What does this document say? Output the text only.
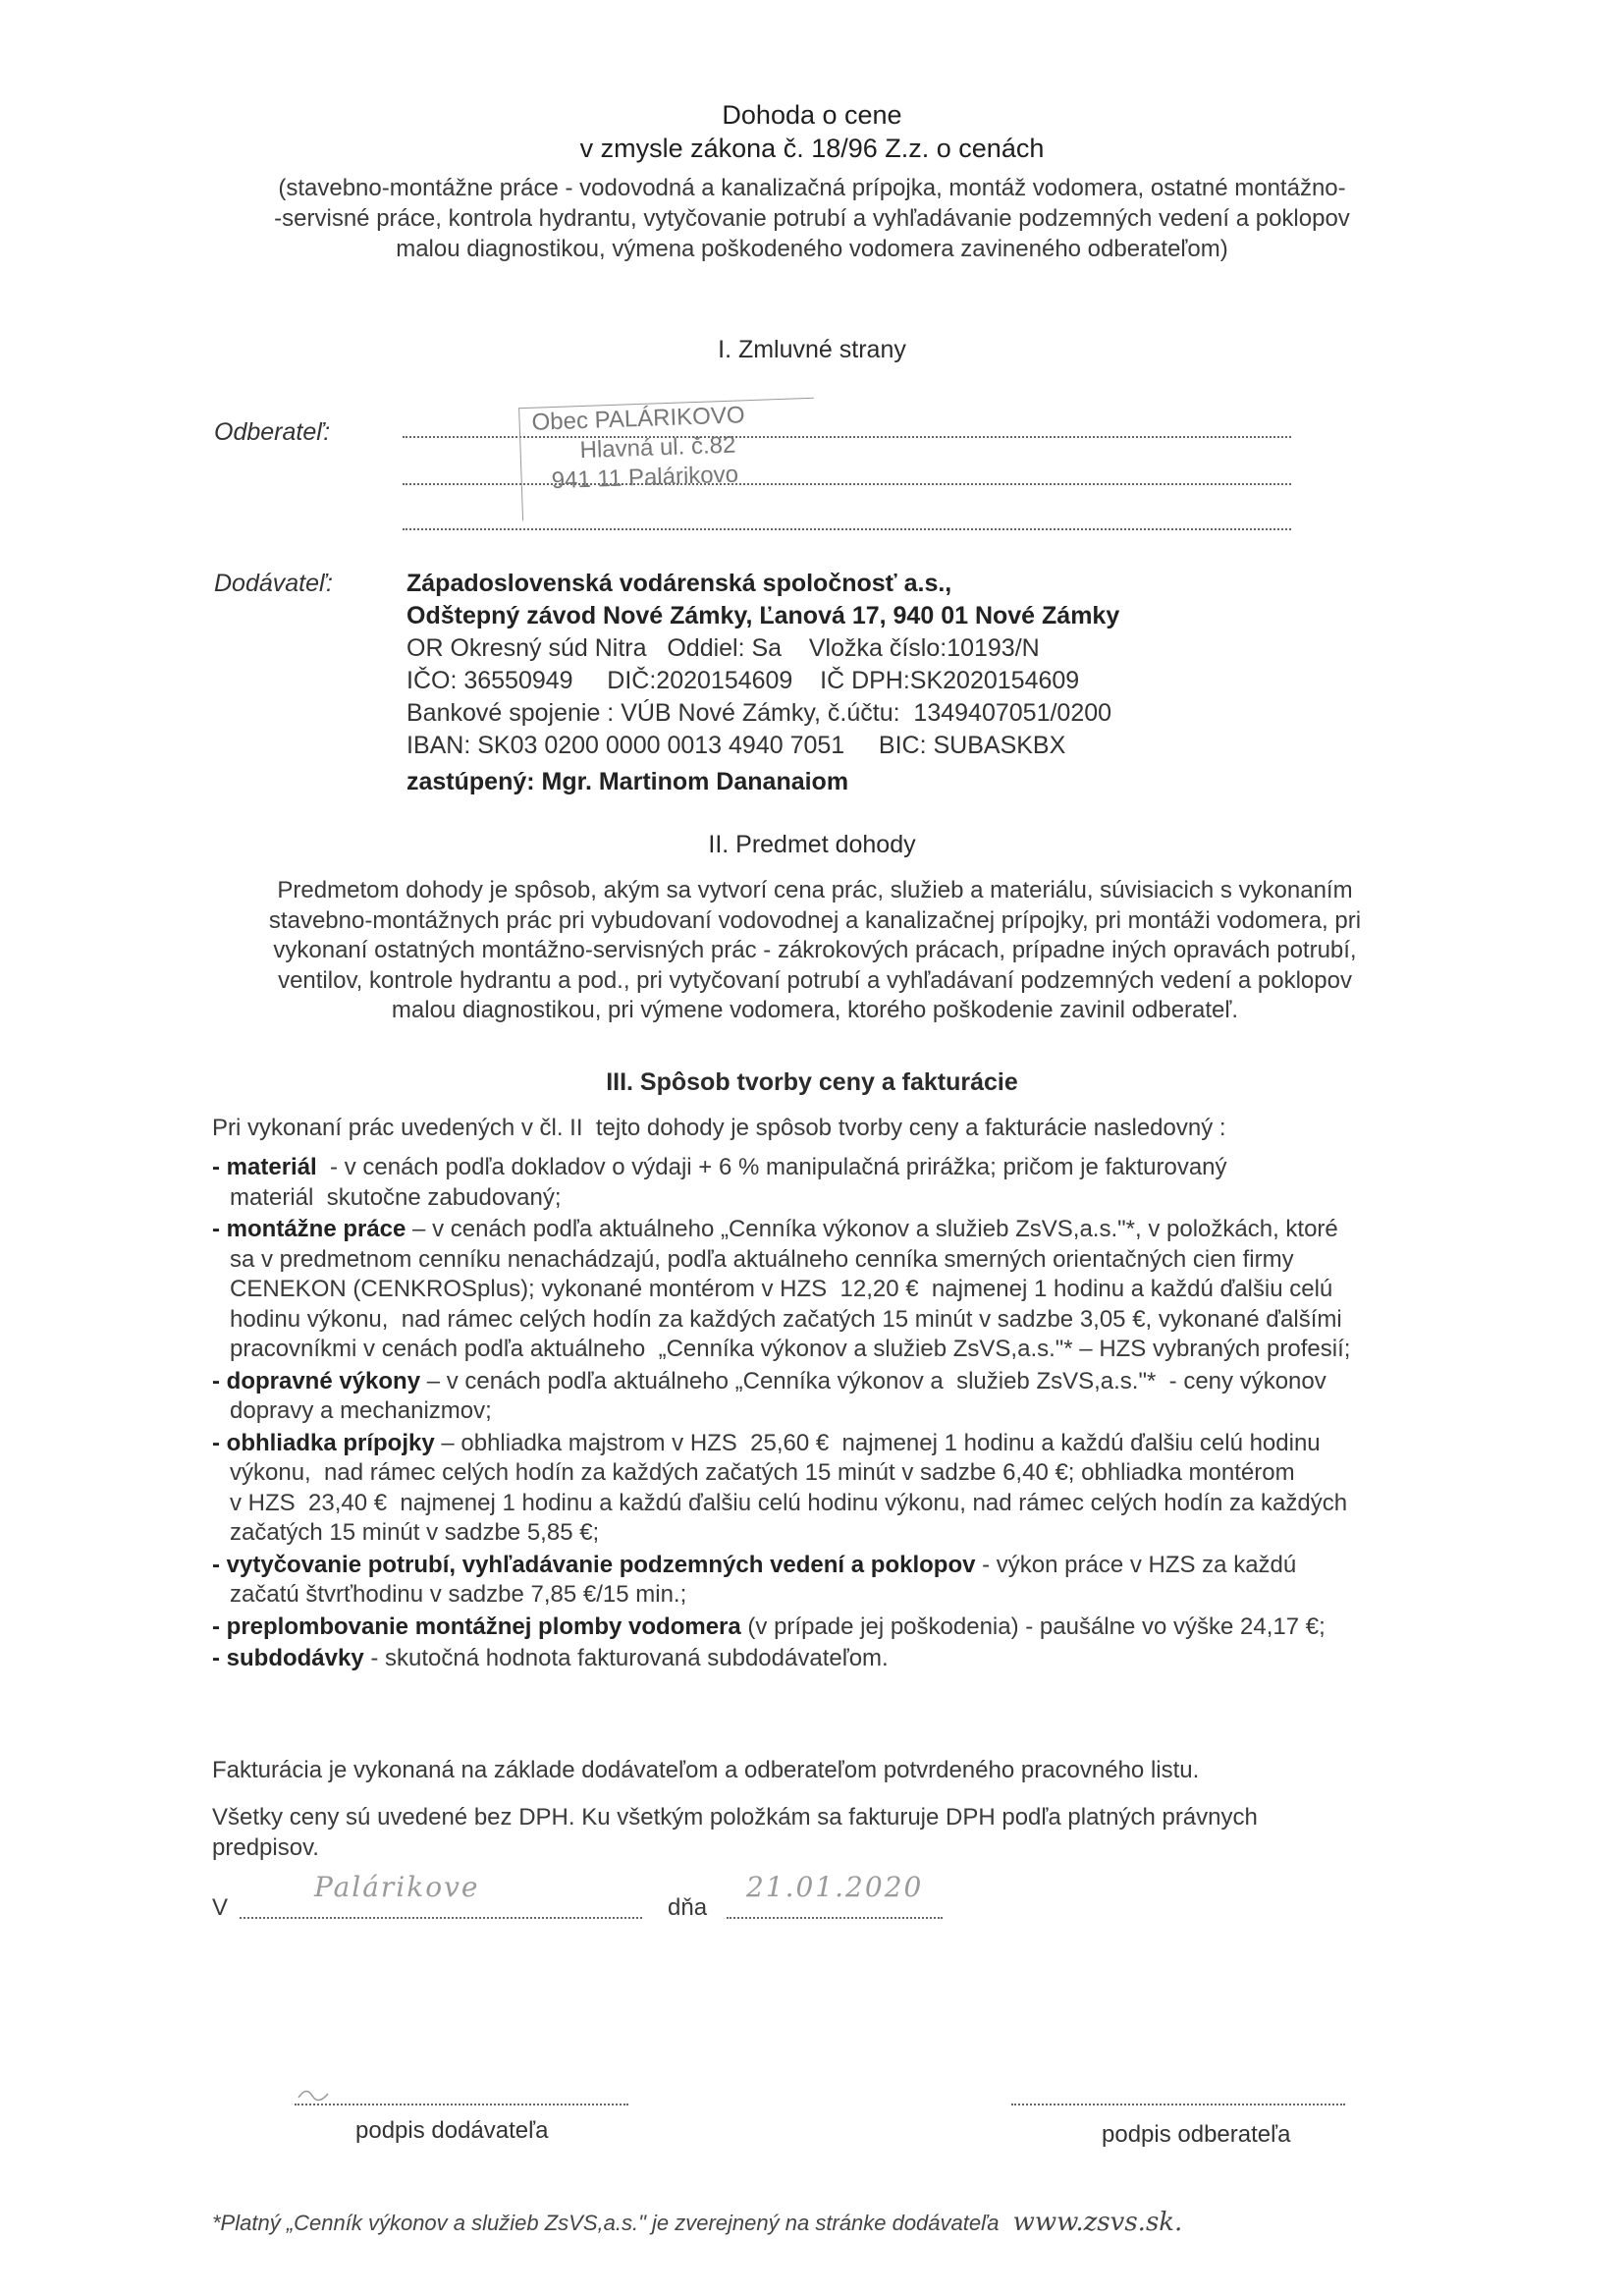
Dohoda o cene
v zmysle zákona č. 18/96 Z.z. o cenách
(stavebno-montážne práce - vodovodná a kanalizačná prípojka, montáž vodomera, ostatné montážno-
-servisné práce, kontrola hydrantu, vytyčovanie potrubí a vyhľadávanie podzemných vedení a poklopov
malou diagnostikou, výmena poškodeného vodomera zavineného odberateľom)
I. Zmluvné strany
Odberateľ:	Obec PALÁRIKOVO
Hlavná ul. č.82
941 11 Palárikovo
Dodávateľ:	Západoslovenská vodárenská spoločnosť a.s.,
Odštepný závod Nové Zámky, Ľanová 17, 940 01 Nové Zámky
OR Okresný súd Nitra   Oddiel: Sa    Vložka číslo:10193/N
IČO: 36550949     DIČ:2020154609    IČ DPH:SK2020154609
Bankové spojenie : VÚB Nové Zámky, č.účtu:  1349407051/0200
IBAN: SK03 0200 0000 0013 4940 7051     BIC: SUBASKBX
zastúpený: Mgr. Martinom Dananaiom
II. Predmet dohody
Predmetom dohody je spôsob, akým sa vytvorí cena prác, služieb a materiálu, súvisiacich s vykonaním
stavebno-montážnych prác pri vybudovaní vodovodnej a kanalizačnej prípojky, pri montáži vodomera, pri
vykonaní ostatných montážno-servisných prác - zákrokových prácach, prípadne iných opravách potrubí,
ventilov, kontrole hydrantu a pod., pri vytyčovaní potrubí a vyhľadávaní podzemných vedení a poklopov
malou diagnostikou, pri výmene vodomera, ktorého poškodenie zavinil odberateľ.
III. Spôsob tvorby ceny a fakturácie
Pri vykonaní prác uvedených v čl. II  tejto dohody je spôsob tvorby ceny a fakturácie nasledovný :
- materiál  - v cenách podľa dokladov o výdaji + 6 % manipulačná prirážka; pričom je fakturovaný
materiál  skutočne zabudovaný;
- montážne práce – v cenách podľa aktuálneho „Cenníka výkonov a služieb ZsVS,a.s."*, v položkách, ktoré
sa v predmetnom cenníku nenachádzajú, podľa aktuálneho cenníka smerných orientačných cien firmy
CENEKON (CENKROSplus); vykonané montérom v HZS  12,20 €  najmenej 1 hodinu a každú ďalšiu celú
hodinu výkonu,  nad rámec celých hodín za každých začatých 15 minút v sadzbe 3,05 €, vykonané ďalšími
pracovníkmi v cenách podľa aktuálneho  „Cenníka výkonov a služieb ZsVS,a.s."* – HZS vybraných profesií;
- dopravné výkony – v cenách podľa aktuálneho „Cenníka výkonov a  služieb ZsVS,a.s."*  - ceny výkonov
dopravy a mechanizmov;
- obhliadka prípojky – obhliadka majstrom v HZS  25,60 €  najmenej 1 hodinu a každú ďalšiu celú hodinu
výkonu,  nad rámec celých hodín za každých začatých 15 minút v sadzbe 6,40 €; obhliadka montérom
v HZS  23,40 €  najmenej 1 hodinu a každú ďalšiu celú hodinu výkonu, nad rámec celých hodín za každých
začatých 15 minút v sadzbe 5,85 €;
- vytyčovanie potrubí, vyhľadávanie podzemných vedení a poklopov - výkon práce v HZS za každú
začatú štvrťhodinu v sadzbe 7,85 €/15 min.;
- preplombovanie montážnej plomby vodomera (v prípade jej poškodenia) - paušálne vo výške 24,17 €;
- subdodávky - skutočná hodnota fakturovaná subdodávateľom.
Fakturácia je vykonaná na základe dodávateľom a odberateľom potvrdeného pracovného listu.
Všetky ceny sú uvedené bez DPH. Ku všetkým položkám sa fakturuje DPH podľa platných právnych
predpisov.
V
Palárikove
dňa
21.01.2020
podpis dodávateľa	podpis odberateľa
*Platný „Cenník výkonov a služieb ZsVS,a.s." je zverejnený na stránke dodávateľa www.zsvs.sk.
